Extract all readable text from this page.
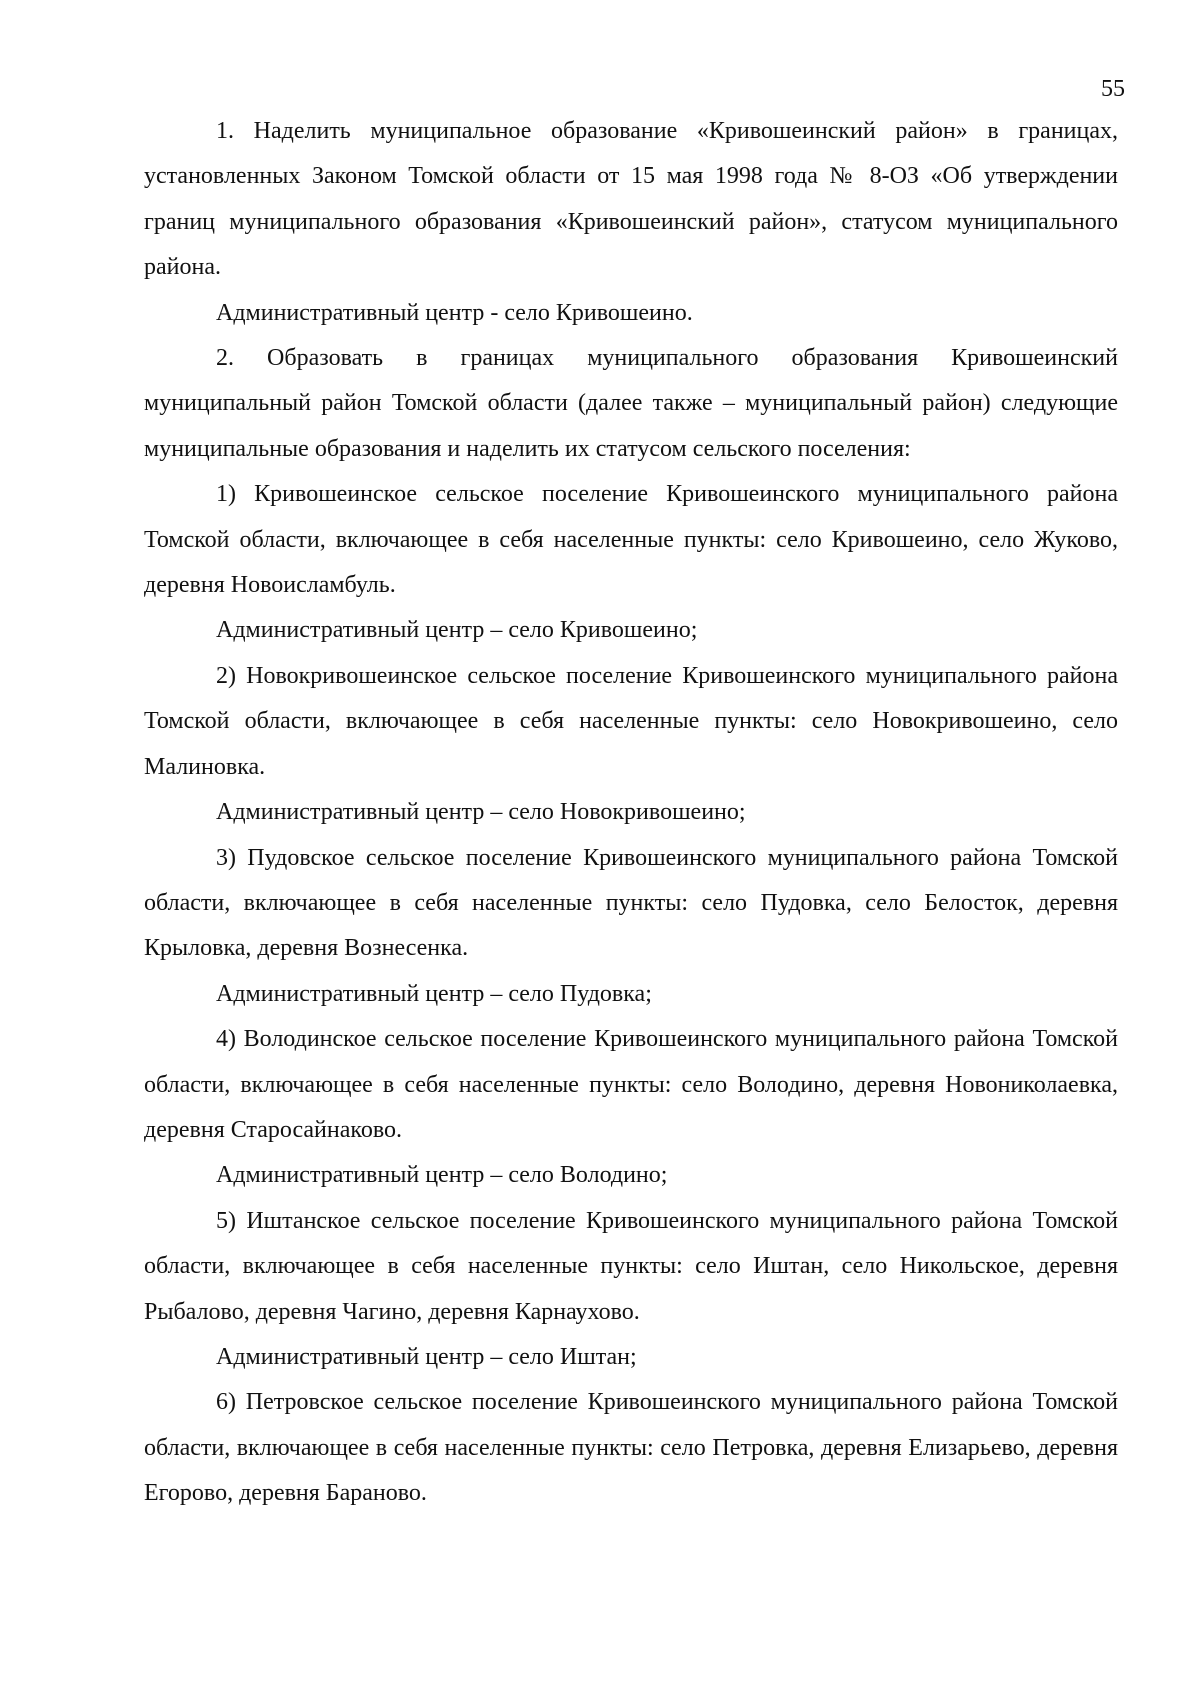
55

1. Наделить муниципальное образование «Кривошеинский район» в границах, установленных Законом Томской области от 15 мая 1998 года № 8-ОЗ «Об утверждении границ муниципального образования «Кривошеинский район», статусом муниципального района.

Административный центр - село Кривошеино.

2. Образовать в границах муниципального образования Кривошеинский муниципальный район Томской области (далее также – муниципальный район) следующие муниципальные образования и наделить их статусом сельского поселения:

1) Кривошеинское сельское поселение Кривошеинского муниципального района Томской области, включающее в себя населенные пункты: село Кривошеино, село Жуково, деревня Новоисламбуль.

Административный центр – село Кривошеино;

2) Новокривошеинское сельское поселение Кривошеинского муниципального района Томской области, включающее в себя населенные пункты: село Новокривошеино, село Малиновка.

Административный центр – село Новокривошеино;

3) Пудовское сельское поселение Кривошеинского муниципального района Томской области, включающее в себя населенные пункты: село Пудовка, село Белосток, деревня Крыловка, деревня Вознесенка.

Административный центр – село Пудовка;

4) Володинское сельское поселение Кривошеинского муниципального района Томской области, включающее в себя населенные пункты: село Володино, деревня Новониколаевка, деревня Старосайнаково.

Административный центр – село Володино;

5) Иштанское сельское поселение Кривошеинского муниципального района Томской области, включающее в себя населенные пункты: село Иштан, село Никольское, деревня Рыбалово, деревня Чагино, деревня Карнаухово.

Административный центр – село Иштан;

6) Петровское сельское поселение Кривошеинского муниципального района Томской области, включающее в себя населенные пункты: село Петровка, деревня Елизарьево, деревня Егорово, деревня Бараново.
